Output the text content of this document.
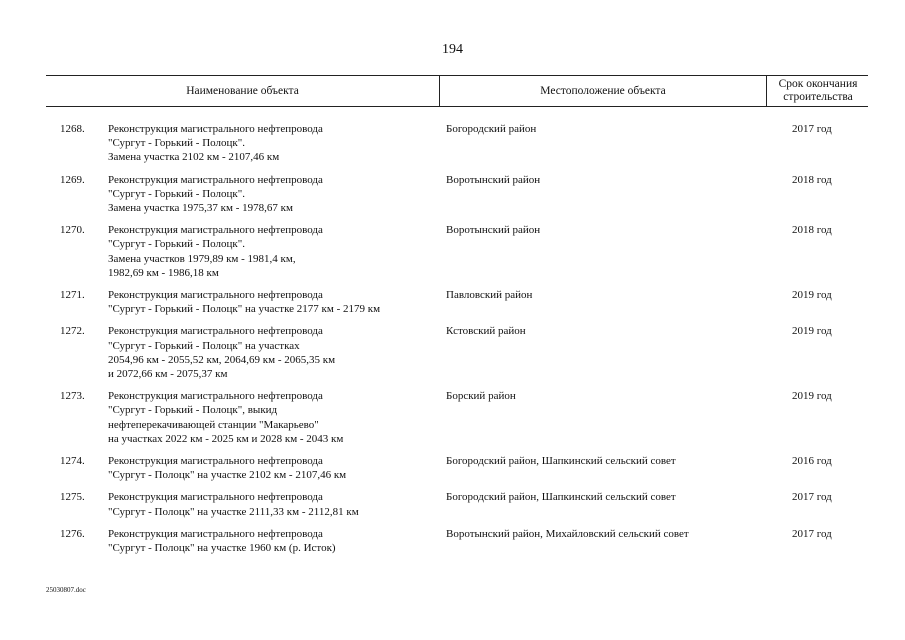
194
Наименование объекта	Местоположение объекта
Срок окончания
строительства
1268. Реконструкция магистрального нефтепровода
"Сургут - Горький - Полоцк".
Замена участка 2102 км - 2107,46 км
Богородский район	2017 год
1269. Реконструкция магистрального нефтепровода
"Сургут - Горький - Полоцк".
Замена участка 1975,37 км - 1978,67 км
Воротынский район	2018 год
1270. Реконструкция магистрального нефтепровода
"Сургут - Горький - Полоцк".
Замена участков 1979,89 км - 1981,4 км,
1982,69 км - 1986,18 км
Воротынский район	2018 год
1271. Реконструкция магистрального нефтепровода
"Сургут - Горький - Полоцк" на участке 2177 км - 2179 км
Павловский район	2019 год
1272. Реконструкция магистрального нефтепровода
"Сургут - Горький - Полоцк" на участках
2054,96 км - 2055,52 км, 2064,69 км - 2065,35 км
и 2072,66 км - 2075,37 км
Кстовский район	2019 год
1273. Реконструкция магистрального нефтепровода
"Сургут - Горький - Полоцк", выкид
нефтеперекачивающей станции "Макарьево"
на участках 2022 км - 2025 км и 2028 км - 2043 км
Борский район	2019 год
1274. Реконструкция магистрального нефтепровода
"Сургут - Полоцк" на участке 2102 км - 2107,46 км
Богородский район, Шапкинский сельский совет	2016 год
1275. Реконструкция магистрального нефтепровода
"Сургут - Полоцк" на участке 2111,33 км - 2112,81 км
Богородский район, Шапкинский сельский совет	2017 год
1276. Реконструкция магистрального нефтепровода
"Сургут - Полоцк" на участке 1960 км (р. Исток)
Воротынский район, Михайловский сельский совет	2017 год
25030807.doc
